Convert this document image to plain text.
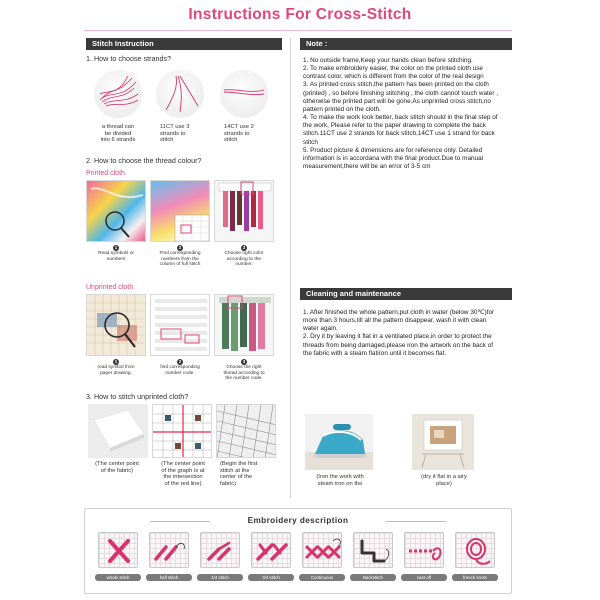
Instructions For Cross-Stitch
Stitch Instruction
1. How to choose strands?
a thread can
be divided
into 6 strands
11CT use 3
strands to
stitch
14CT use 2
strands to
stitch
2. How to choose the thread colour?
Printed cloth
1
Read symbols or
numbers
2
Find corresponding
numbers from the
column of full stitch
3
Choose right color
according to the
number.
Unprinted cloth
1
read symbol from
paper drawing.
2
find corresponding
number code.
3
Choose the right
thread according to
the number code.
3. How to stitch unprinted cloth?
(The center point
of the fabric)
(The center point
of the graph is at
the intersection
of the red line)
(Begin the first
stitch at the
center of the
fabric)
Note :

1. No outside frame,Keep your hands clean before stitching.

2. To make embroidery easier, the color on the printed cloth use contrast color, which is different from the color of the real design

3. As printed cross stitch,the pattern has been printed on the cloth (printed) , so before finishing stitching , the cloth cannot touch water , otherwise the printed part will be gone.As unprinted cross stitch,no pattern printed on the cloth.

4. To make the work look better, back stitch should in the final step of the work, Please refer to the paper drawing to complete the back stitch.11CT use 2 strands for back stitch,14CT use 1 strand for back stitch

5. Product picture & dimensions are for reference only. Detailed information is in accordana with the final product.Due to manual measurement,there will be an error of 3-5 cm

Cleaning and maintenance

1. After finished the whole pattern,put cloth in water (below 30℃)for more than 3 hours,till all the pattern disappear, wash it with clean water again.

2. Dry it by leaving it flat in a ventilated place,in order to protect the threads from being damaged,please iron the artwork on the back of the fabric with a steam flatiron until it becomes flat.

(Iron the work with
steam iron on the
(dry it flat in a airy
place)
Embroidery description
whole stitch	half stitch	1/4 stitch	3/4 stitch	Continuous	Backstitch	cast-off	french knots
